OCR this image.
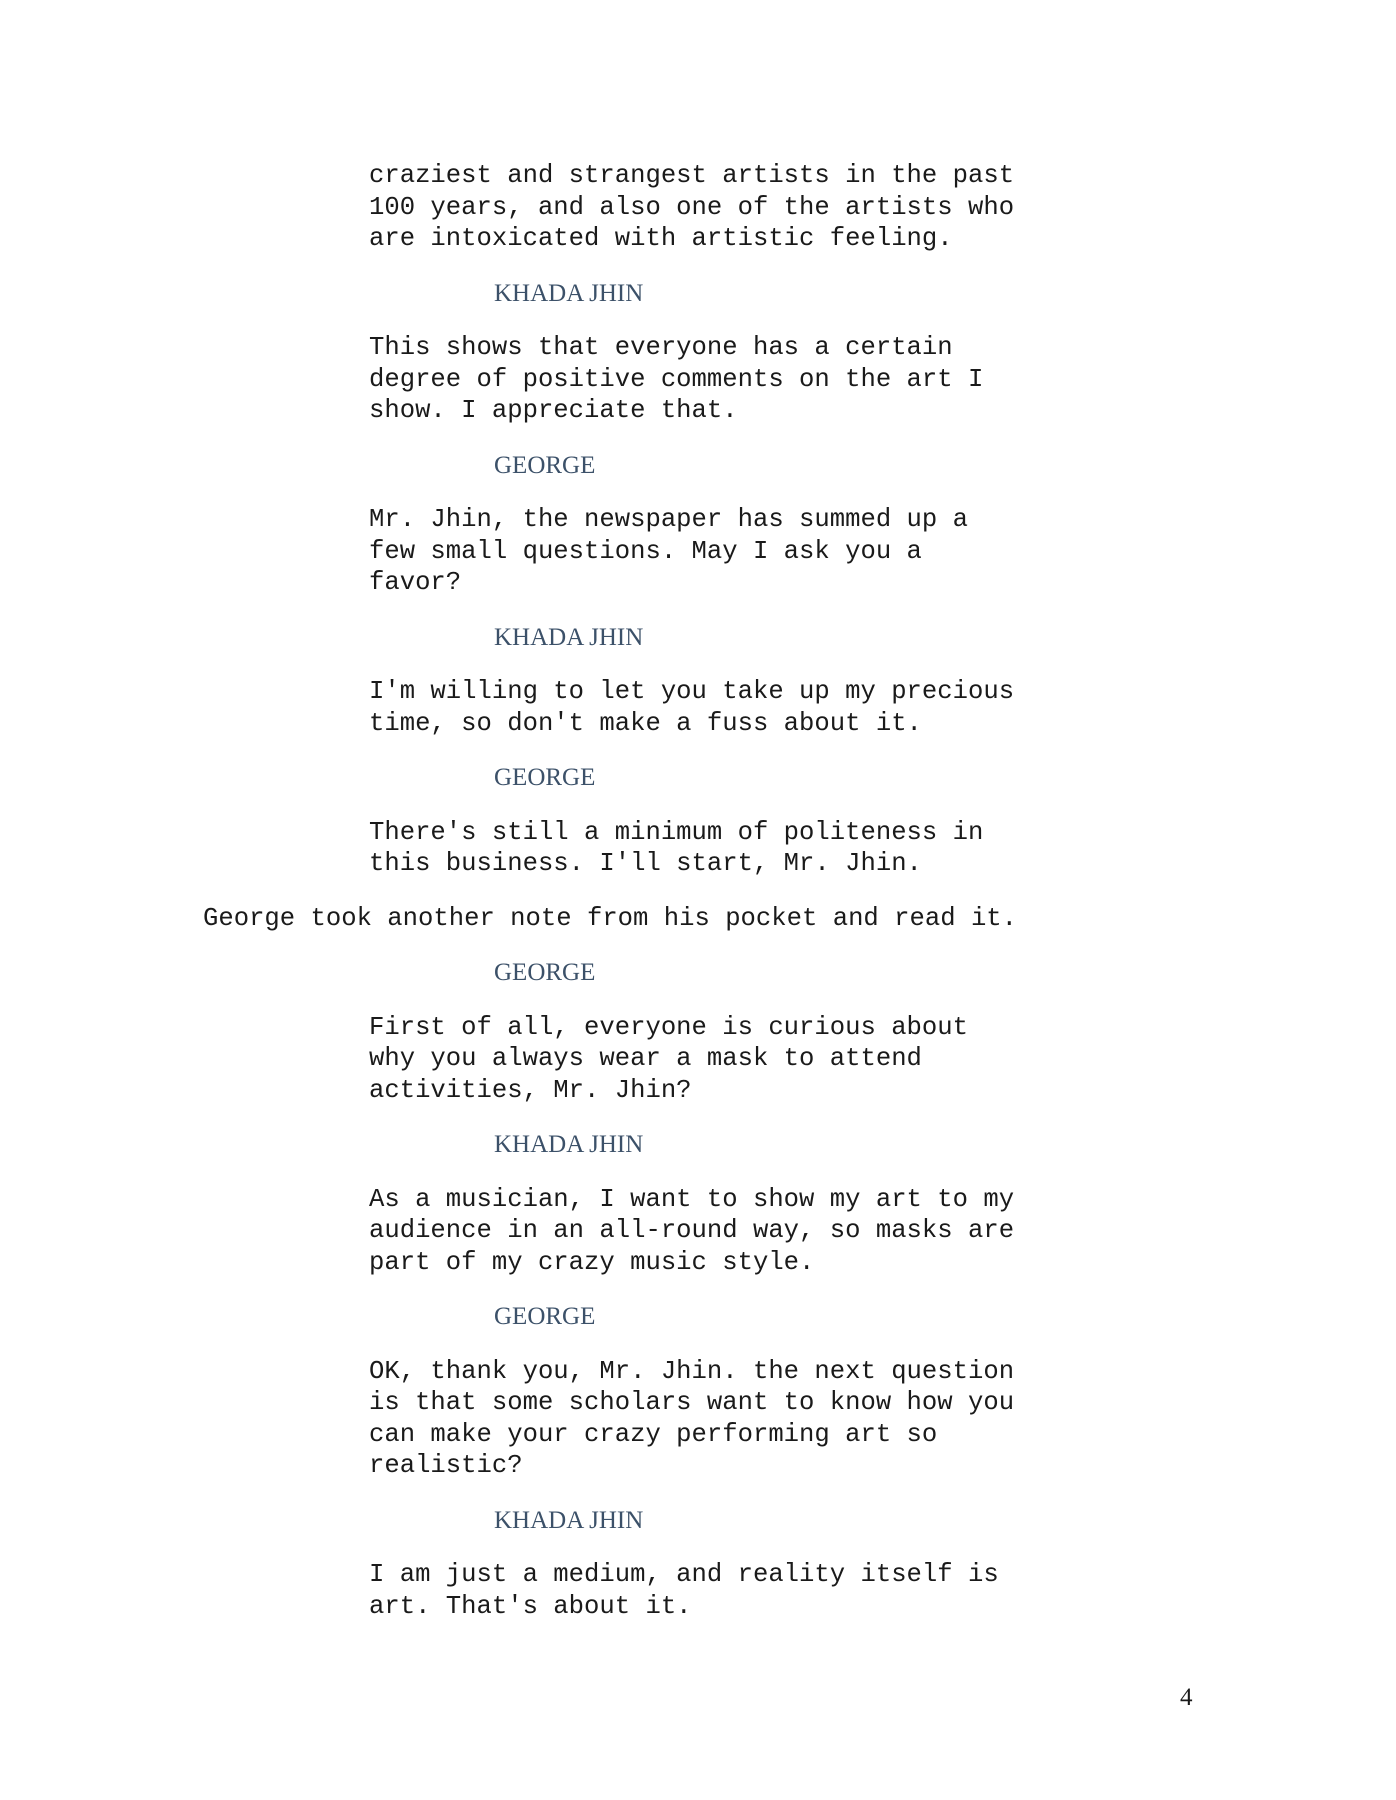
craziest and strangest artists in the past
100 years, and also one of the artists who
are intoxicated with artistic feeling.
KHADA JHIN
This shows that everyone has a certain
degree of positive comments on the art I
show. I appreciate that.
GEORGE
Mr. Jhin, the newspaper has summed up a
few small questions. May I ask you a
favor?
KHADA JHIN
I'm willing to let you take up my precious
time, so don't make a fuss about it.
GEORGE
There's still a minimum of politeness in
this business. I'll start, Mr. Jhin.
George took another note from his pocket and read it.
GEORGE
First of all, everyone is curious about
why you always wear a mask to attend
activities, Mr. Jhin?
KHADA JHIN
As a musician, I want to show my art to my
audience in an all-round way, so masks are
part of my crazy music style.
GEORGE
OK, thank you, Mr. Jhin. the next question
is that some scholars want to know how you
can make your crazy performing art so
realistic?
KHADA JHIN
I am just a medium, and reality itself is
art. That's about it.
4
